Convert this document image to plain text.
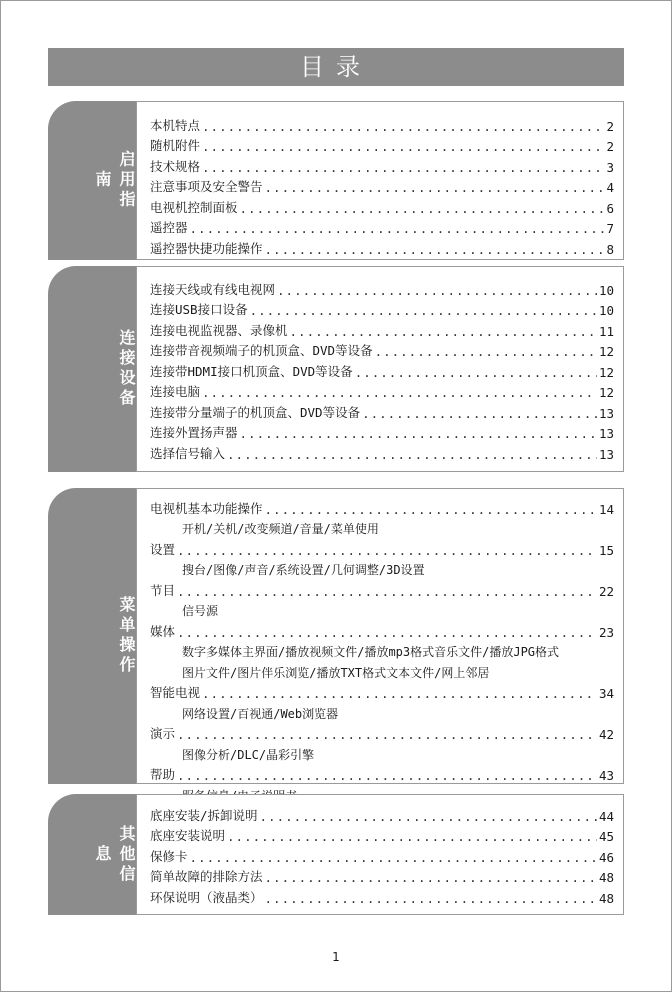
目录
启用指南
本机特点 .....	2
随机附件 .....	2
技术规格 .....	3
注意事项及安全警告 .....	4
电视机控制面板 .....	6
遥控器 .....	7
遥控器快捷功能操作 .....	8
连接设备
连接天线或有线电视网 .....	10
连接USB接口设备 .....	10
连接电视监视器、录像机 .....	11
连接带音视频端子的机顶盒、DVD等设备 .....	12
连接带HDMI接口机顶盒、DVD等设备 .....	12
连接电脑 .....	12
连接带分量端子的机顶盒、DVD等设备 .....	13
连接外置扬声器 .....	13
选择信号输入 .....	13
菜单操作
电视机基本功能操作 .....	14
开机/关机/改变频道/音量/菜单使用
设置 .....	15
搜台/图像/声音/系统设置/几何调整/3D设置
节目 .....	22
信号源
媒体 .....	23
数字多媒体主界面/播放视频文件/播放mp3格式音乐文件/播放JPG格式
图片文件/图片伴乐浏览/播放TXT格式文本文件/网上邻居
智能电视 .....	34
网络设置/百视通/Web浏览器
演示 .....	42
图像分析/DLC/晶彩引擎
帮助 .....	43
其他信息
底座安装/拆卸说明 .....	44
底座安装说明 .....	45
保修卡 .....	46
简单故障的排除方法 .....	48
环保说明（液晶类） .....	48
1
